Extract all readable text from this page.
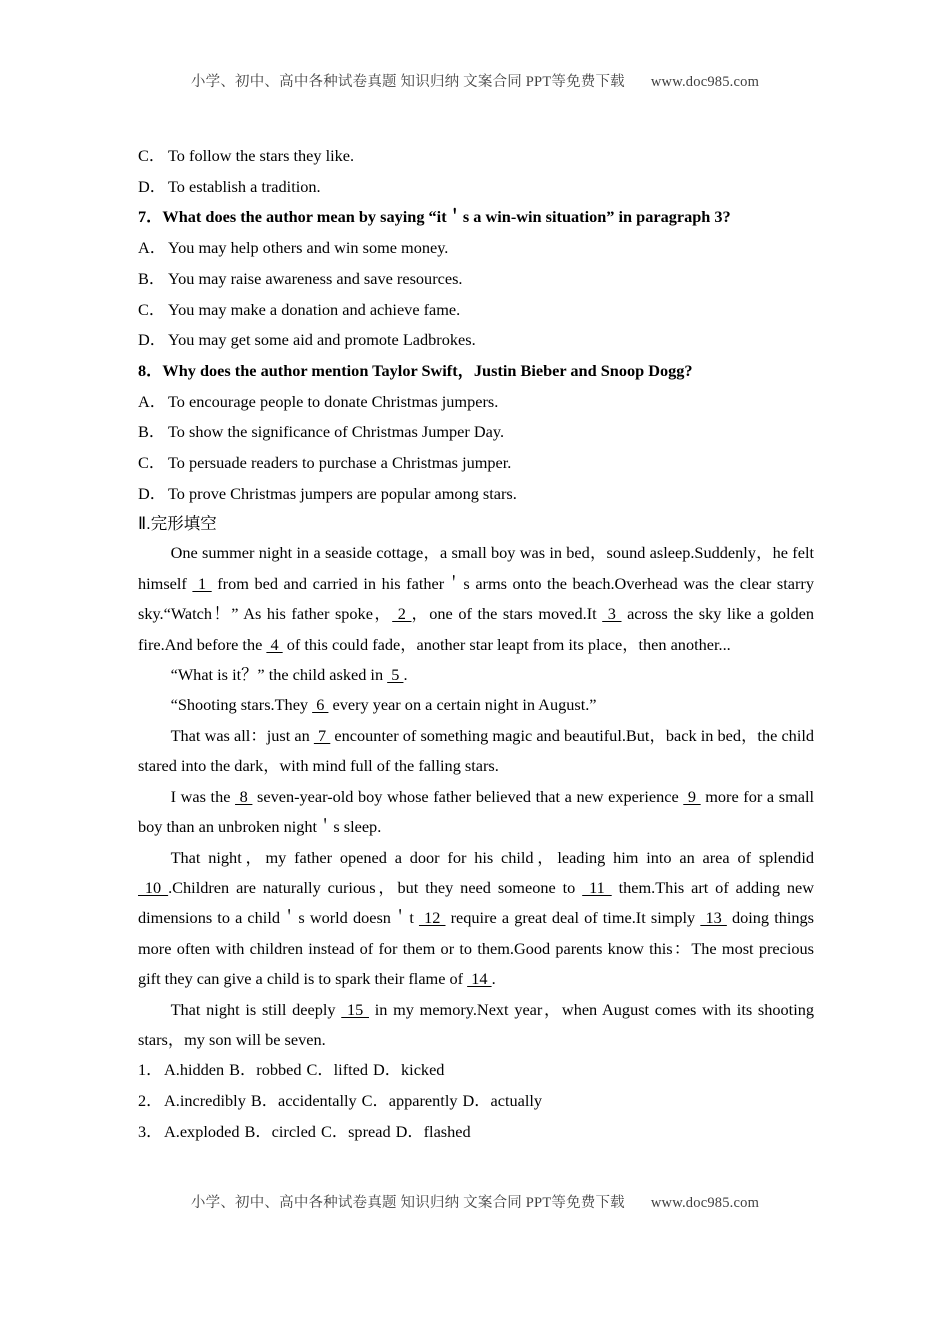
小学、初中、高中各种试卷真题 知识归纳 文案合同 PPT等免费下载 www.doc985.com
C． To follow the stars they like.
D． To establish a tradition.
7．What does the author mean by saying “it＇s a win-win situation” in paragraph 3?
A． You may help others and win some money.
B． You may raise awareness and save resources.
C． You may make a donation and achieve fame.
D． You may get some aid and promote Ladbrokes.
8．Why does the author mention Taylor Swift，Justin Bieber and Snoop Dogg?
A． To encourage people to donate Christmas jumpers.
B． To show the significance of Christmas Jumper Day.
C． To persuade readers to purchase a Christmas jumper.
D． To prove Christmas jumpers are popular among stars.
Ⅱ.完形填空

One summer night in a seaside cottage，a small boy was in bed，sound asleep.Suddenly，he felt himself  1  from bed and carried in his father＇s arms onto the beach.Overhead was the clear starry sky.“Watch！” As his father spoke， 2 ，one of the stars moved.It  3  across the sky like a golden fire.And before the  4  of this could fade，another star leapt from its place，then another...

“What is it？” the child asked in  5 .

“Shooting stars.They  6  every year on a certain night in August.”

That was all：just an  7  encounter of something magic and beautiful.But，back in bed，the child stared into the dark，with mind full of the falling stars.

I was the  8  seven-year-old boy whose father believed that a new experience  9  more for a small boy than an unbroken night＇s sleep.

That night，my father opened a door for his child，leading him into an area of splendid  10 .Children are naturally curious，but they need someone to  11  them.This art of adding new dimensions to a child＇s world doesn＇t  12  require a great deal of time.It simply  13  doing things more often with children instead of for them or to them.Good parents know this：The most precious gift they can give a child is to spark their flame of  14 .

That night is still deeply  15  in my memory.Next year，when August comes with its shooting stars，my son will be seven.

1．A.hidden B．robbed C．lifted D．kicked
2．A.incredibly B．accidentally C．apparently D．actually
3．A.exploded B．circled C．spread D．flashed
小学、初中、高中各种试卷真题 知识归纳 文案合同 PPT等免费下载 www.doc985.com
